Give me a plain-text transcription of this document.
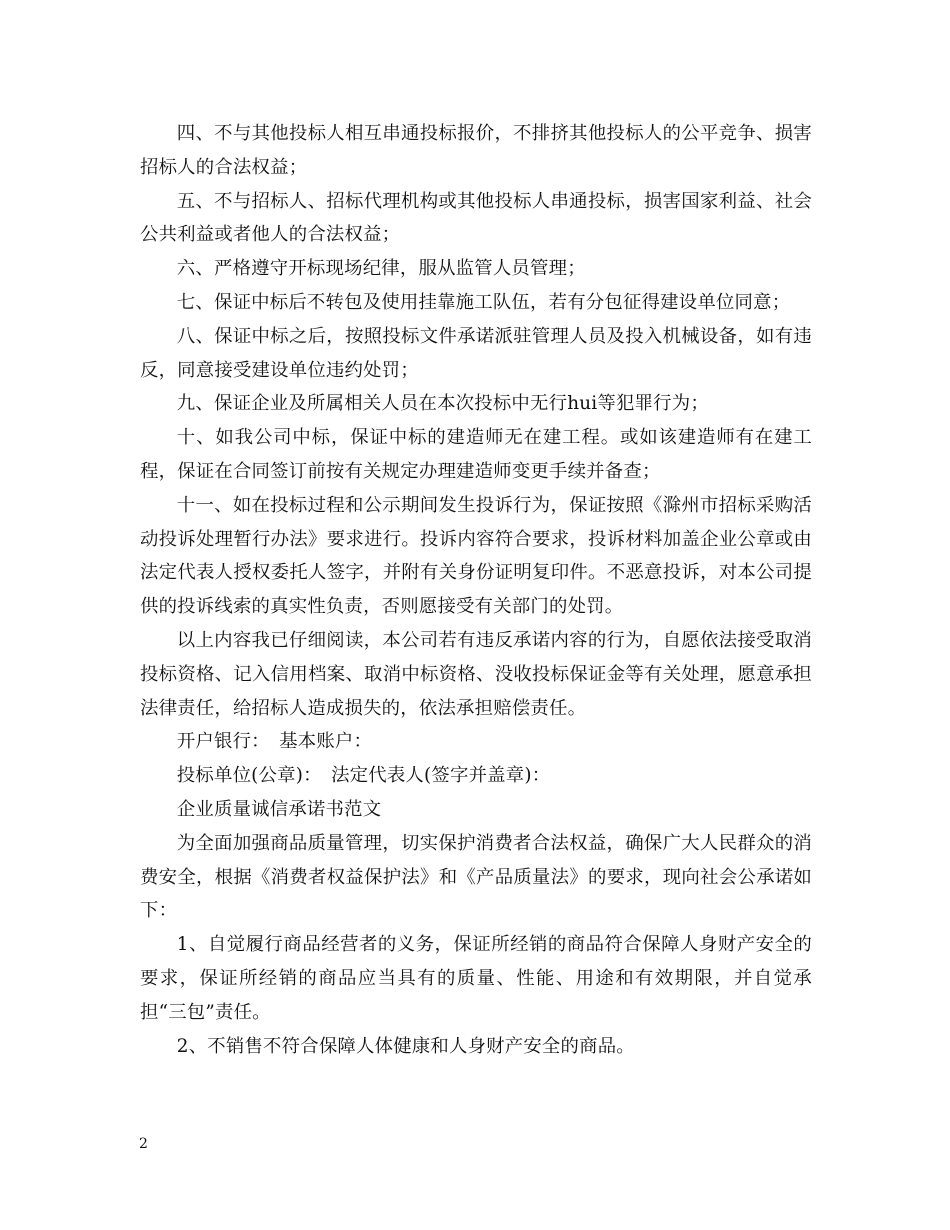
四、不与其他投标人相互串通投标报价，不排挤其他投标人的公平竞争、损害招标人的合法权益；

五、不与招标人、招标代理机构或其他投标人串通投标，损害国家利益、社会公共利益或者他人的合法权益；

六、严格遵守开标现场纪律，服从监管人员管理；

七、保证中标后不转包及使用挂靠施工队伍，若有分包征得建设单位同意；

八、保证中标之后，按照投标文件承诺派驻管理人员及投入机械设备，如有违反，同意接受建设单位违约处罚；

九、保证企业及所属相关人员在本次投标中无行hui等犯罪行为；

十、如我公司中标，保证中标的建造师无在建工程。或如该建造师有在建工程，保证在合同签订前按有关规定办理建造师变更手续并备查；

十一、如在投标过程和公示期间发生投诉行为，保证按照《滁州市招标采购活动投诉处理暂行办法》要求进行。投诉内容符合要求，投诉材料加盖企业公章或由法定代表人授权委托人签字，并附有关身份证明复印件。不恶意投诉，对本公司提供的投诉线索的真实性负责，否则愿接受有关部门的处罚。

以上内容我已仔细阅读，本公司若有违反承诺内容的行为，自愿依法接受取消投标资格、记入信用档案、取消中标资格、没收投标保证金等有关处理，愿意承担法律责任，给招标人造成损失的，依法承担赔偿责任。

开户银行：　基本账户：

投标单位(公章)：　法定代表人(签字并盖章)：

企业质量诚信承诺书范文

为全面加强商品质量管理，切实保护消费者合法权益，确保广大人民群众的消费安全，根据《消费者权益保护法》和《产品质量法》的要求，现向社会公承诺如下：

1、自觉履行商品经营者的义务，保证所经销的商品符合保障人身财产安全的要求，保证所经销的商品应当具有的质量、性能、用途和有效期限，并自觉承担“三包”责任。

2、不销售不符合保障人体健康和人身财产安全的商品。

2
